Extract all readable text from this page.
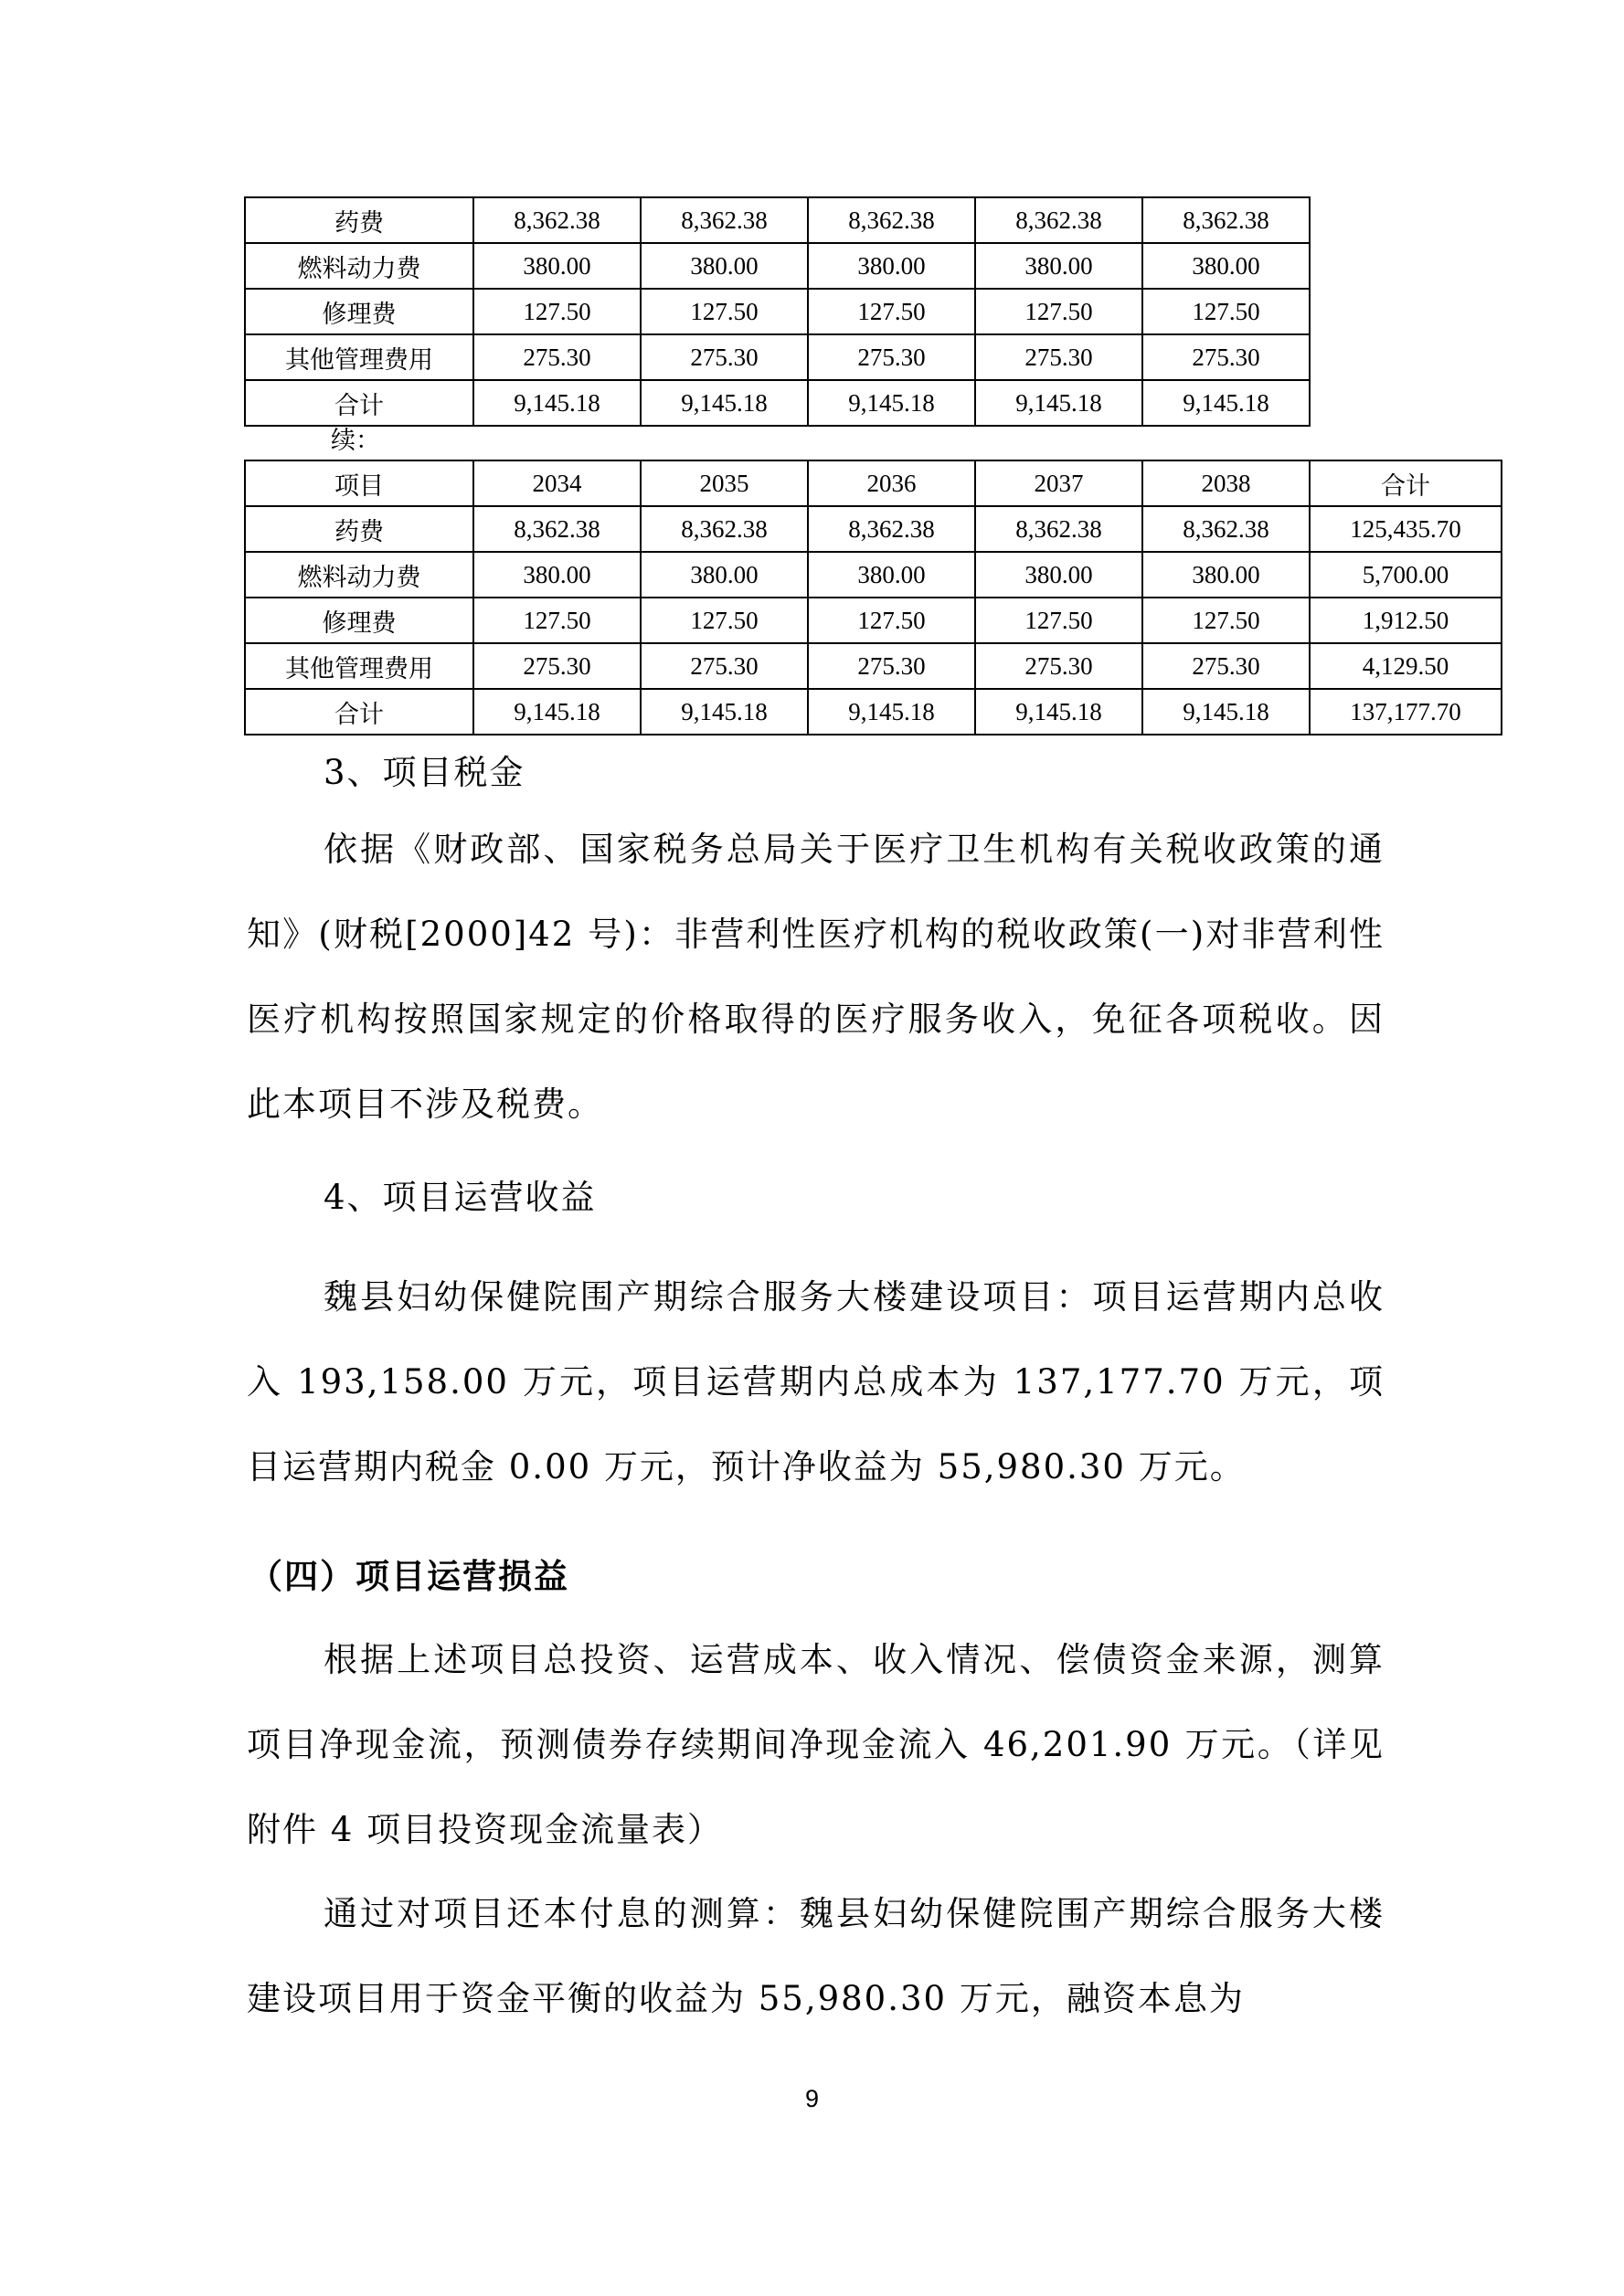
药费	8,362.38	8,362.38	8,362.38	8,362.38	8,362.38
燃料动力费	380.00	380.00	380.00	380.00	380.00
修理费	127.50	127.50	127.50	127.50	127.50
其他管理费用	275.30	275.30	275.30	275.30	275.30
合计	9,145.18	9,145.18	9,145.18	9,145.18	9,145.18
续：
项目	2034	2035	2036	2037	2038	合计
药费	8,362.38	8,362.38	8,362.38	8,362.38	8,362.38	125,435.70
燃料动力费	380.00	380.00	380.00	380.00	380.00	5,700.00
修理费	127.50	127.50	127.50	127.50	127.50	1,912.50
其他管理费用	275.30	275.30	275.30	275.30	275.30	4,129.50
合计	9,145.18	9,145.18	9,145.18	9,145.18	9,145.18	137,177.70
3、项目税金

依据《财政部、国家税务总局关于医疗卫生机构有关税收政策的通知》(财税[2000]42 号)：非营利性医疗机构的税收政策(一)对非营利性医疗机构按照国家规定的价格取得的医疗服务收入，免征各项税收。因此本项目不涉及税费。

4、项目运营收益

魏县妇幼保健院围产期综合服务大楼建设项目：项目运营期内总收入 193,158.00 万元，项目运营期内总成本为 137,177.70 万元，项目运营期内税金 0.00 万元，预计净收益为 55,980.30 万元。

（四）项目运营损益

根据上述项目总投资、运营成本、收入情况、偿债资金来源，测算项目净现金流，预测债券存续期间净现金流入 46,201.90 万元。（详见附件 4 项目投资现金流量表）

通过对项目还本付息的测算：魏县妇幼保健院围产期综合服务大楼建设项目用于资金平衡的收益为 55,980.30 万元，融资本息为

9
